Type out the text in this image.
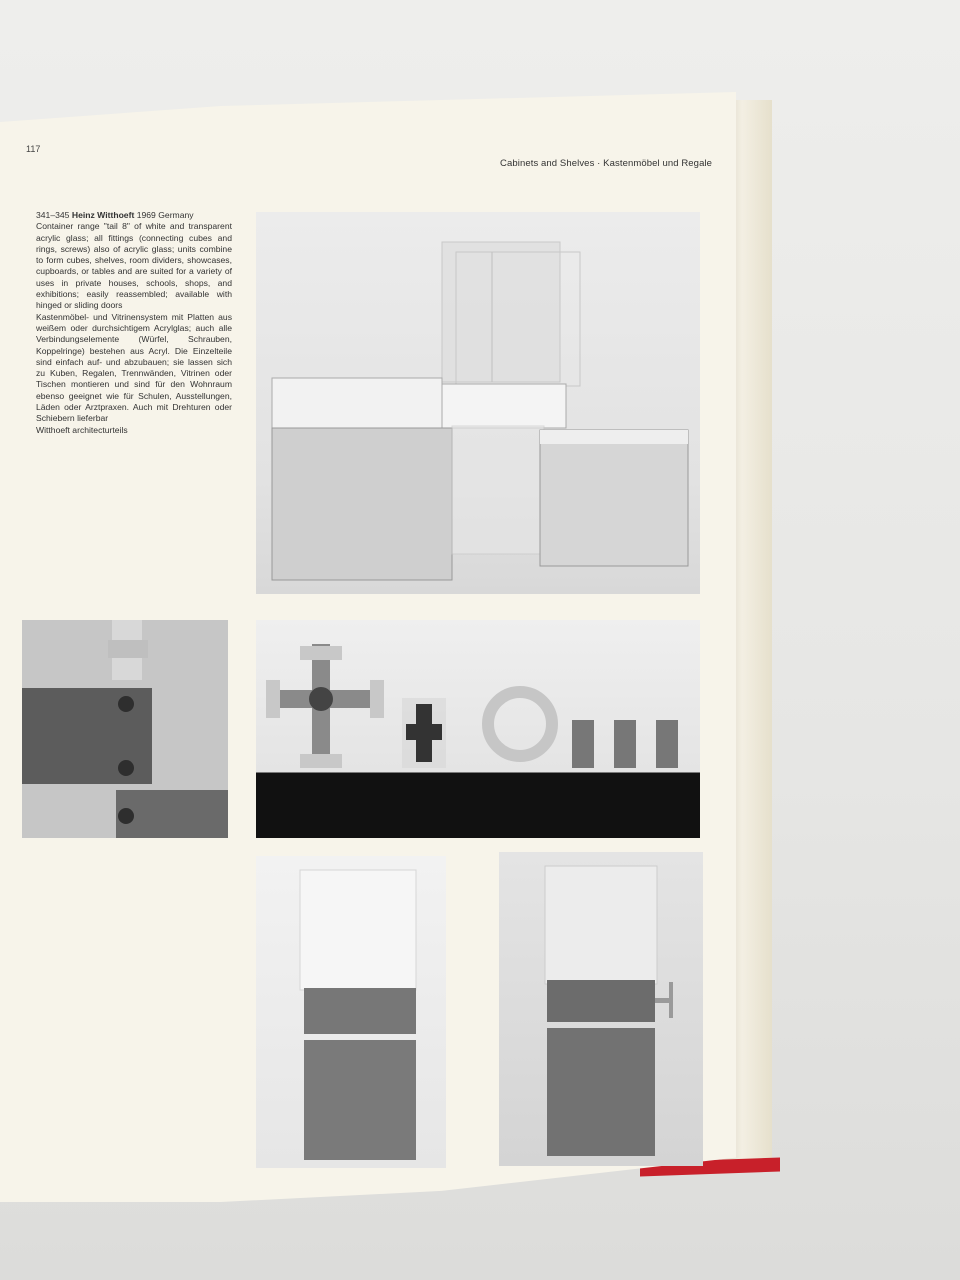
117
Cabinets and Shelves · Kastenmöbel und Regale

341–345 Heinz Witthoeft 1969 Germany

Container range "tail 8" of white and transparent acrylic glass; all fittings (connecting cubes and rings, screws) also of acrylic glass; units combine to form cubes, shelves, room dividers, showcases, cupboards, or tables and are suited for a variety of uses in private houses, schools, shops, and exhibitions; easily reassembled; available with hinged or sliding doors

Kastenmöbel- und Vitrinensystem mit Platten aus weißem oder durchsichtigem Acrylglas; auch alle Verbindungselemente (Würfel, Schrauben, Koppelringe) bestehen aus Acryl. Die Einzelteile sind einfach auf- und abzubauen; sie lassen sich zu Kuben, Regalen, Trennwänden, Vitrinen oder Tischen montieren und sind für den Wohnraum ebenso geeignet wie für Schulen, Ausstellungen, Läden oder Arztpraxen. Auch mit Drehturen oder Schiebern lieferbar

Witthoeft architecturteils
